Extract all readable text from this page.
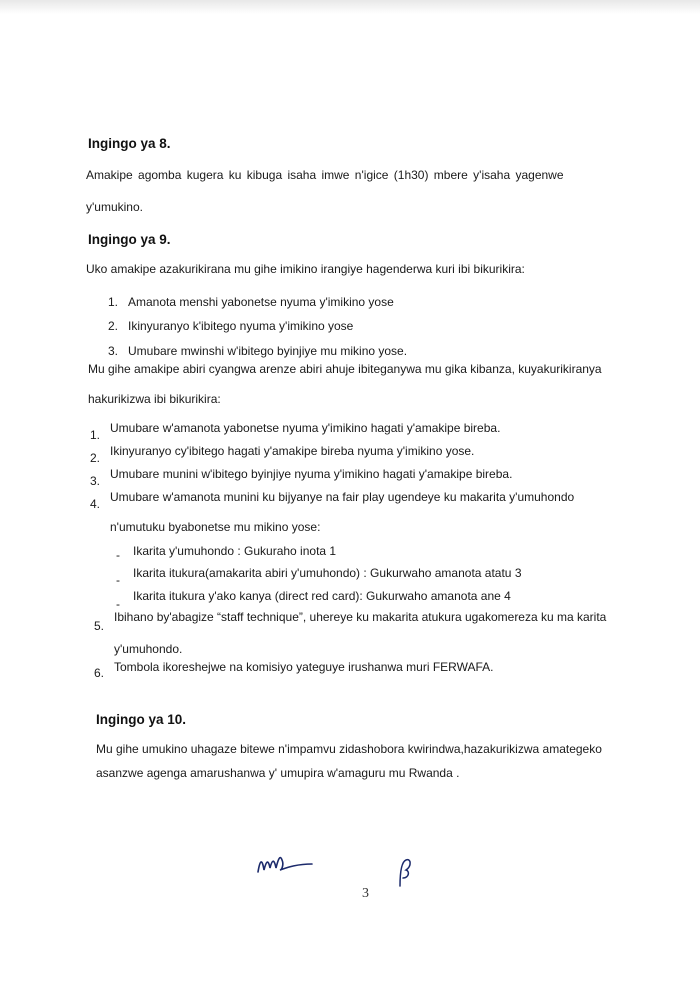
Ingingo ya 8.
Amakipe agomba kugera ku kibuga isaha imwe n'igice (1h30) mbere y'isaha yagenwe
y'umukino.
Ingingo ya 9.
Uko amakipe azakurikirana mu gihe imikino irangiye hagenderwa kuri ibi bikurikira:
1. Amanota menshi yabonetse nyuma y'imikino yose
2. Ikinyuranyo k'ibitego nyuma y'imikino yose
3. Umubare mwinshi w'ibitego byinjiye mu mikino yose.
Mu gihe amakipe abiri cyangwa arenze abiri ahuje ibiteganywa mu gika kibanza, kuyakurikiranya
hakurikizwa ibi bikurikira:
1. Umubare w'amanota yabonetse nyuma y'imikino hagati y'amakipe bireba.
2. Ikinyuranyo cy'ibitego hagati y'amakipe bireba nyuma y'imikino yose.
3. Umubare munini w'ibitego byinjiye nyuma y'imikino hagati y'amakipe bireba.
4. Umubare w'amanota munini ku bijyanye na fair play ugendeye ku makarita y'umuhondo
n'umutuku byabonetse mu mikino yose:
- Ikarita y'umuhondo : Gukuraho inota 1
- Ikarita itukura(amakarita abiri y'umuhondo) : Gukurwaho amanota atatu 3
-
Ikarita itukura y'ako kanya (direct red card): Gukurwaho amanota ane 4
5.
Ibihano by'abagize “staff technique”, uhereye ku makarita atukura ugakomereza ku ma karita
y'umuhondo.
6. Tombola ikoreshejwe na komisiyo yateguye irushanwa muri FERWAFA.
Ingingo ya 10.
Mu gihe umukino uhagaze bitewe n'impamvu zidashobora kwirindwa,hazakurikizwa amategeko
asanzwe agenga amarushanwa y' umupira w'amaguru mu Rwanda .
3
